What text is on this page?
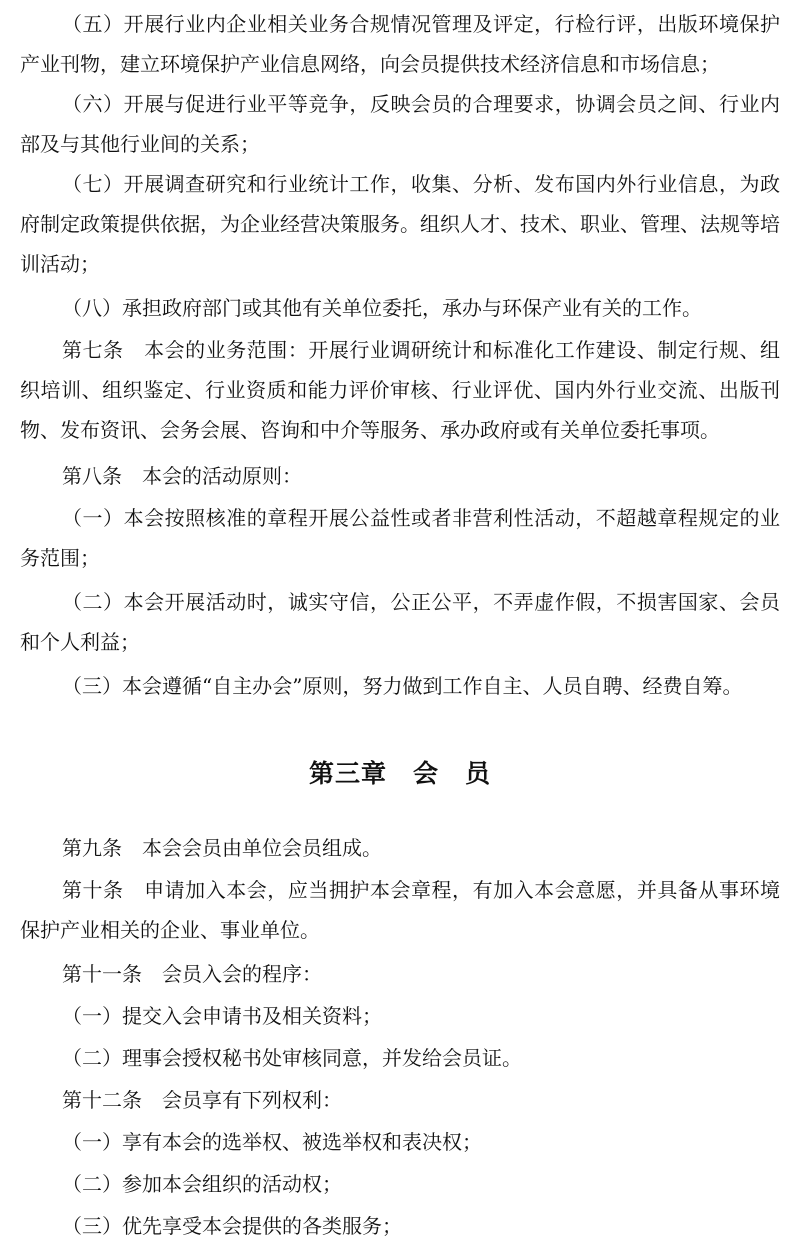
（五）开展行业内企业相关业务合规情况管理及评定，行检行评，出版环境保护产业刊物，建立环境保护产业信息网络，向会员提供技术经济信息和市场信息；

（六）开展与促进行业平等竞争，反映会员的合理要求，协调会员之间、行业内部及与其他行业间的关系；

（七）开展调查研究和行业统计工作，收集、分析、发布国内外行业信息，为政府制定政策提供依据，为企业经营决策服务。组织人才、技术、职业、管理、法规等培训活动；

（八）承担政府部门或其他有关单位委托，承办与环保产业有关的工作。

第七条　本会的业务范围：开展行业调研统计和标准化工作建设、制定行规、组织培训、组织鉴定、行业资质和能力评价审核、行业评优、国内外行业交流、出版刊物、发布资讯、会务会展、咨询和中介等服务、承办政府或有关单位委托事项。

第八条　本会的活动原则：

（一）本会按照核准的章程开展公益性或者非营利性活动，不超越章程规定的业务范围；

（二）本会开展活动时，诚实守信，公正公平，不弄虚作假，不损害国家、会员和个人利益；

（三）本会遵循“自主办会”原则，努力做到工作自主、人员自聘、经费自筹。

第三章　会　员

第九条　本会会员由单位会员组成。

第十条　申请加入本会，应当拥护本会章程，有加入本会意愿，并具备从事环境保护产业相关的企业、事业单位。

第十一条　会员入会的程序：

（一）提交入会申请书及相关资料；

（二）理事会授权秘书处审核同意，并发给会员证。

第十二条　会员享有下列权利：

（一）享有本会的选举权、被选举权和表决权；

（二）参加本会组织的活动权；

（三）优先享受本会提供的各类服务；
